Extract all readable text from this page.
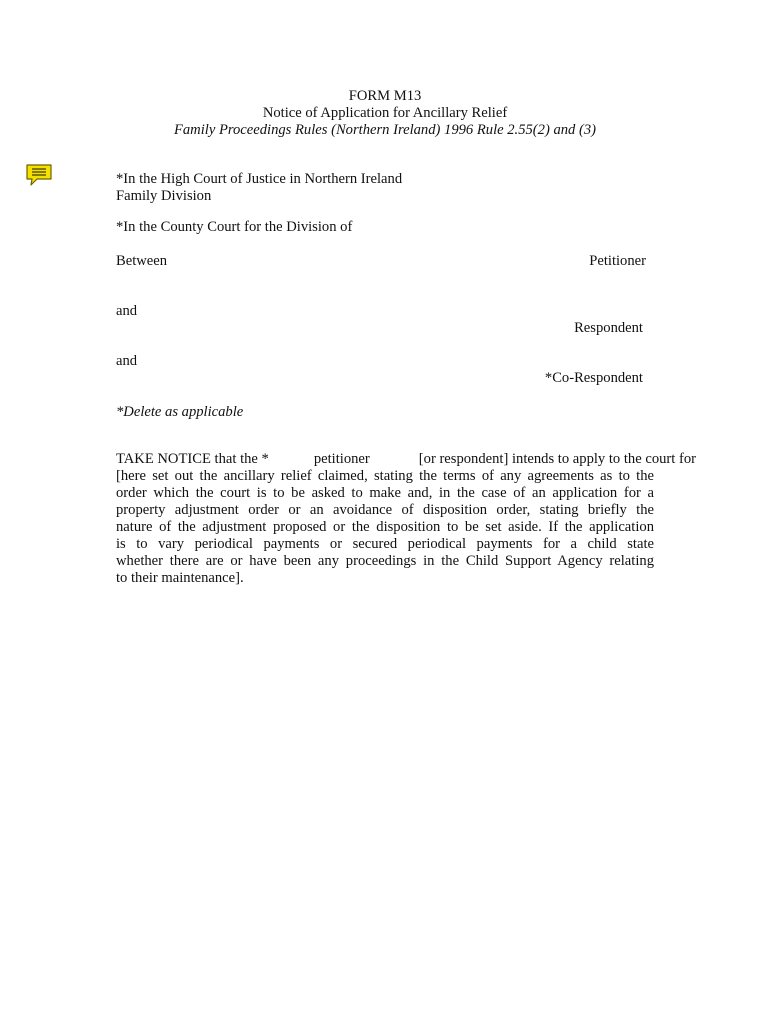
FORM M13
Notice of Application for Ancillary Relief
Family Proceedings Rules (Northern Ireland) 1996 Rule 2.55(2) and (3)
*In the High Court of Justice in Northern Ireland
Family Division
*In the County Court for the Division of
Between	Petitioner
and
Respondent
and
*Co-Respondent
*Delete as applicable
TAKE NOTICE that the *	petitioner	[or respondent] intends to apply to the court for
[here set out the ancillary relief claimed, stating the terms of any agreements as to the
order which the court is to be asked to make and, in the case of an application for a
property adjustment order or an avoidance of disposition order, stating briefly the
nature of the adjustment proposed or the disposition to be set aside. If the application
is to vary periodical payments or secured periodical payments for a child state
whether there are or have been any proceedings in the Child Support Agency relating
to their maintenance].
